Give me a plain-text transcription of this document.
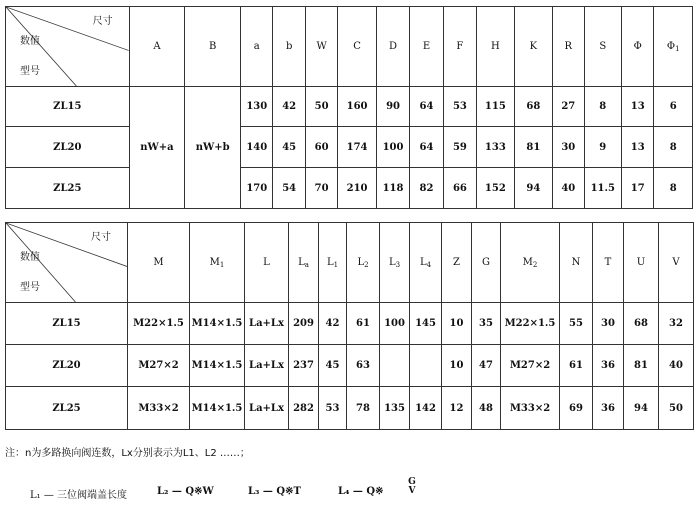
尺寸
数值
型号	A	B	a	b	W	C	D	E	F	H	K	R	S	Φ	$\Phi_1$
ZL15	nW+a	nW+b	130	42	50	160	90	64	53	115	68	27	8	13	6
ZL20			140	45	60	174	100	64	59	133	81	30	9	13	8
ZL25			170	54	70	210	118	82	66	152	94	40	11.5	17	8
尺寸
数值
型号	M	$M_1$	L	$L_a$	$L_1$	$L_2$	$L_3$	$L_4$	Z	G	$M_2$	N	T	U	V
ZL15	M22×1.5	M14×1.5	La+Lx	209	42	61	100	145	10	35	M22×1.5	55	30	68	32
ZL20	M27×2	M14×1.5	La+Lx	237	45	63			10	47	M27×2	61	36	81	40
ZL25	M33×2	M14×1.5	La+Lx	282	53	78	135	142	12	48	M33×2	69	36	94	50
注：n为多路换向阀连数，Lx分别表示为L1、L2 ……；
L₁ — 三位阀端盖长度	L₂ — Q※W	L₃ — Q※T	L₄ — Q※
G
V
